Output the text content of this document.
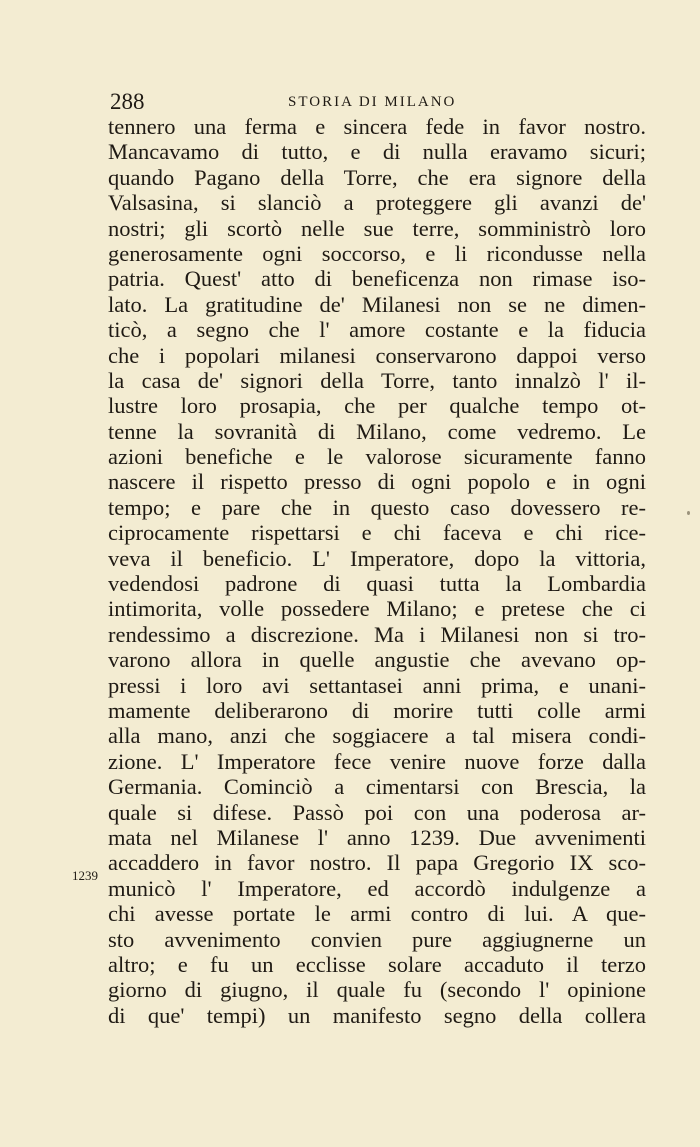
288	STORIA DI MILANO
1239
tennero una ferma e sincera fede in favor nostro.
Mancavamo di tutto, e di nulla eravamo sicuri;
quando Pagano della Torre, che era signore della
Valsasina, si slanciò a proteggere gli avanzi de'
nostri; gli scortò nelle sue terre, somministrò loro
generosamente ogni soccorso, e li ricondusse nella
patria. Quest' atto di beneficenza non rimase iso-
lato. La gratitudine de' Milanesi non se ne dimen-
ticò, a segno che l' amore costante e la fiducia
che i popolari milanesi conservarono dappoi verso
la casa de' signori della Torre, tanto innalzò l' il-
lustre loro prosapia, che per qualche tempo ot-
tenne la sovranità di Milano, come vedremo. Le
azioni benefiche e le valorose sicuramente fanno
nascere il rispetto presso di ogni popolo e in ogni
tempo; e pare che in questo caso dovessero re-
ciprocamente rispettarsi e chi faceva e chi rice-
veva il beneficio. L' Imperatore, dopo la vittoria,
vedendosi padrone di quasi tutta la Lombardia
intimorita, volle possedere Milano; e pretese che ci
rendessimo a discrezione. Ma i Milanesi non si tro-
varono allora in quelle angustie che avevano op-
pressi i loro avi settantasei anni prima, e unani-
mamente deliberarono di morire tutti colle armi
alla mano, anzi che soggiacere a tal misera condi-
zione. L' Imperatore fece venire nuove forze dalla
Germania. Cominciò a cimentarsi con Brescia, la
quale si difese. Passò poi con una poderosa ar-
mata nel Milanese l' anno 1239. Due avvenimenti
accaddero in favor nostro. Il papa Gregorio IX sco-
municò l' Imperatore, ed accordò indulgenze a
chi avesse portate le armi contro di lui. A que-
sto avvenimento convien pure aggiugnerne un
altro; e fu un ecclisse solare accaduto il terzo
giorno di giugno, il quale fu (secondo l' opinione
di que' tempi) un manifesto segno della collera
